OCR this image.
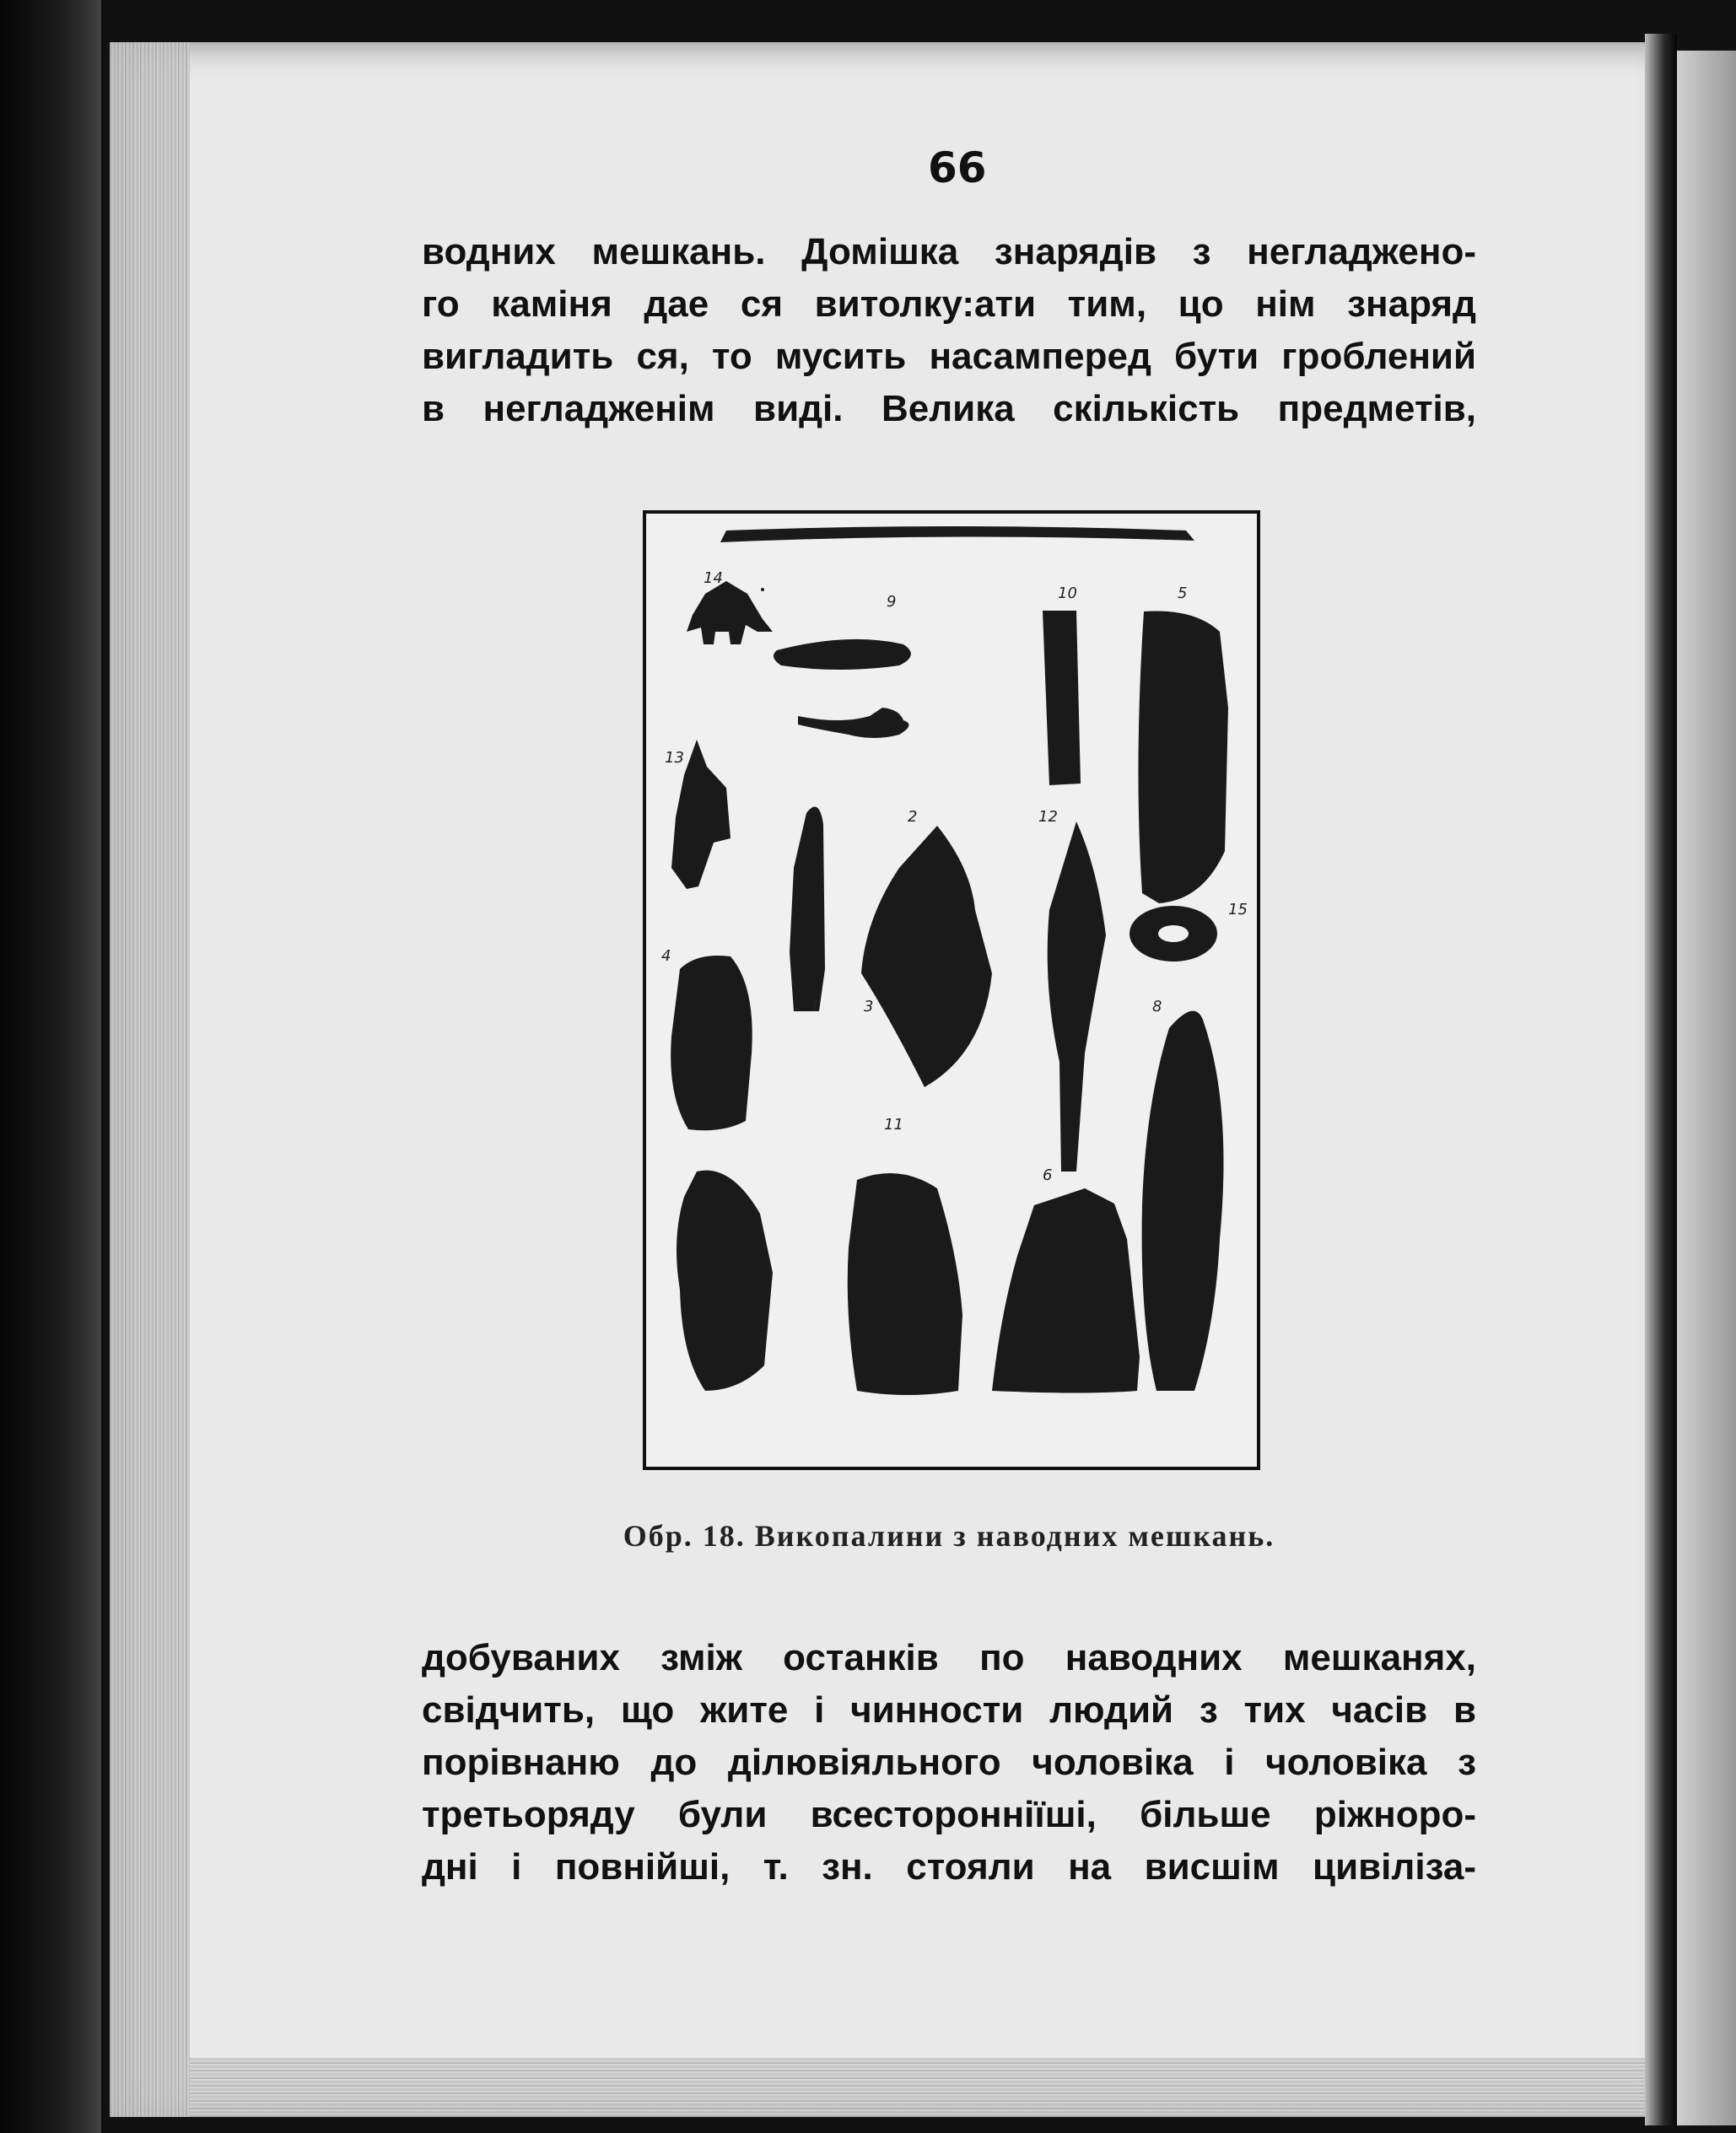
66
водних мешкань. Домішка знарядів з негладжено-
го каміня дае ся витолку:ати тим, цо нім знаряд
вигладить ся, то мусить насамперед бути гроблений
в негладженім виді. Велика скількість предметів,
14
9	10	5
13
2	12
15
4
1	3	8
11
6
Обр. 18. Викопалини з наводних мешкань.
добуваних зміж останків по наводних мешканях,
свідчить, що жите і чинности людий з тих часів в
порівнаню до ділювіяльного чоловіка і чоловіка з
третьоряду були всесторонніїші, більше ріжноро-
дні і повнійші, т. зн. стояли на висшім цивіліза-
